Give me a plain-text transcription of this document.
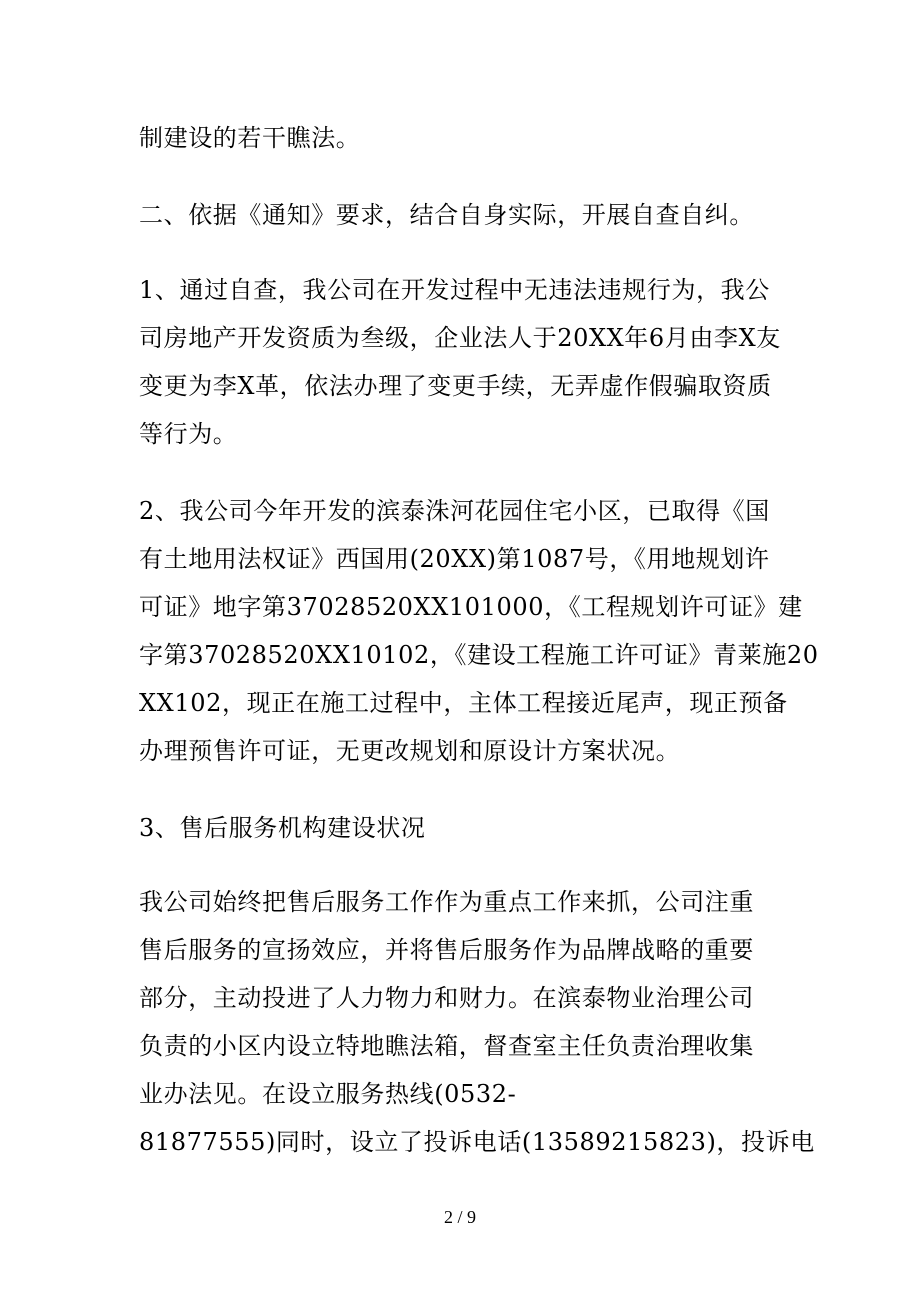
制建设的若干瞧法。
二、依据《通知》要求，结合自身实际，开展自查自纠。
1、通过自查，我公司在开发过程中无违法违规行为，我公
司房地产开发资质为叁级，企业法人于20XX年6月由李X友
变更为李X革，依法办理了变更手续，无弄虚作假骗取资质
等行为。
2、我公司今年开发的滨泰洙河花园住宅小区，已取得《国
有土地用法权证》西国用(20XX)第1087号，《用地规划许
可证》地字第37028520XX101000，《工程规划许可证》建
字第37028520XX10102，《建设工程施工许可证》青莱施20
XX102，现正在施工过程中，主体工程接近尾声，现正预备
办理预售许可证，无更改规划和原设计方案状况。
3、售后服务机构建设状况
我公司始终把售后服务工作作为重点工作来抓，公司注重
售后服务的宣扬效应，并将售后服务作为品牌战略的重要
部分，主动投进了人力物力和财力。在滨泰物业治理公司
负责的小区内设立特地瞧法箱，督查室主任负责治理收集
业办法见。在设立服务热线(0532-
81877555)同时，设立了投诉电话(13589215823)，投诉电
2 / 9
